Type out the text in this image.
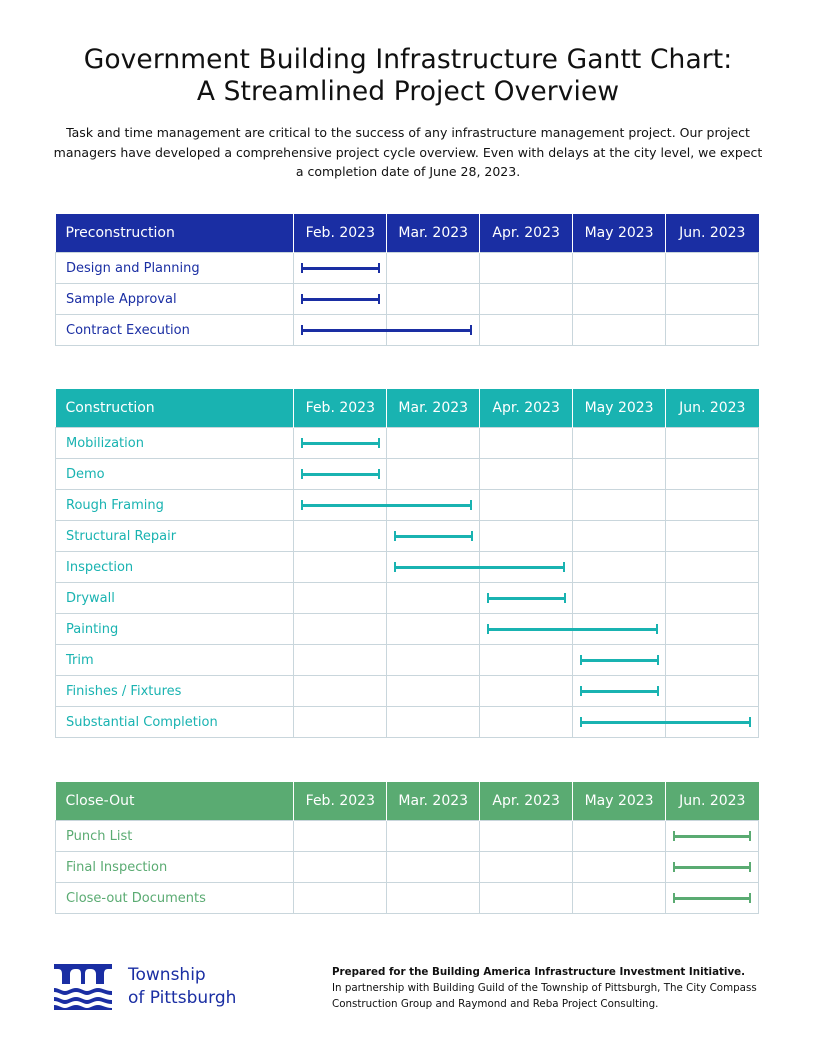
Government Building Infrastructure Gantt Chart:
A Streamlined Project Overview

Task and time management are critical to the success of any infrastructure management project. Our project managers have developed a comprehensive project cycle overview. Even with delays at the city level, we expect a completion date of June 28, 2023.

Preconstruction	Feb. 2023	Mar. 2023	Apr. 2023	May 2023	Jun. 2023
Design and Planning	

Sample Approval	

Contract Execution	

Construction	Feb. 2023	Mar. 2023	Apr. 2023	May 2023	Jun. 2023
Mobilization	

Demo	

Rough Framing	

Structural Repair		

Inspection		

Drywall			

Painting			

Trim				

Finishes / Fixtures				

Substantial Completion				

Close-Out	Feb. 2023	Mar. 2023	Apr. 2023	May 2023	Jun. 2023
Punch List					

Final Inspection					

Close-out Documents					

Township
of Pittsburgh

Prepared for the Building America Infrastructure Investment Initiative.
In partnership with Building Guild of the Township of Pittsburgh, The City Compass Construction Group and Raymond and Reba Project Consulting.
